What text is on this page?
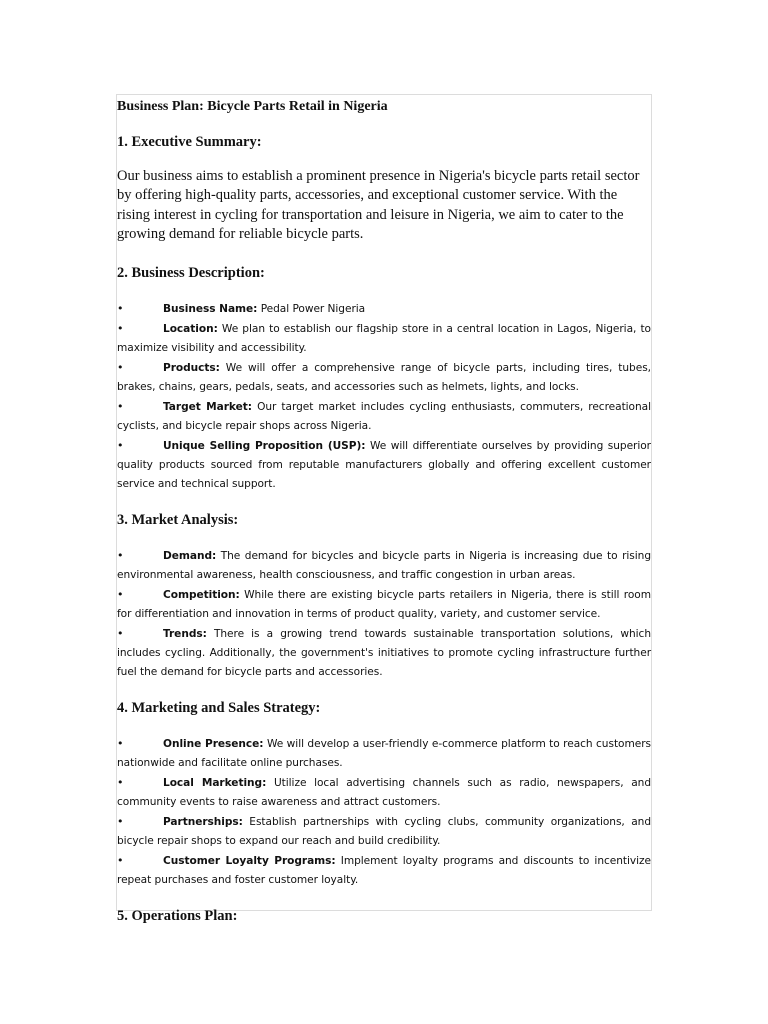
Business Plan: Bicycle Parts Retail in Nigeria

1. Executive Summary:

Our business aims to establish a prominent presence in Nigeria's bicycle parts retail sector by offering high-quality parts, accessories, and exceptional customer service. With the rising interest in cycling for transportation and leisure in Nigeria, we aim to cater to the growing demand for reliable bicycle parts.

2. Business Description:
•Business Name: Pedal Power Nigeria
•Location: We plan to establish our flagship store in a central location in Lagos, Nigeria, to maximize visibility and accessibility.
•Products: We will offer a comprehensive range of bicycle parts, including tires, tubes, brakes, chains, gears, pedals, seats, and accessories such as helmets, lights, and locks.
•Target Market: Our target market includes cycling enthusiasts, commuters, recreational cyclists, and bicycle repair shops across Nigeria.
•Unique Selling Proposition (USP): We will differentiate ourselves by providing superior quality products sourced from reputable manufacturers globally and offering excellent customer service and technical support.
3. Market Analysis:
•Demand: The demand for bicycles and bicycle parts in Nigeria is increasing due to rising environmental awareness, health consciousness, and traffic congestion in urban areas.
•Competition: While there are existing bicycle parts retailers in Nigeria, there is still room for differentiation and innovation in terms of product quality, variety, and customer service.
•Trends: There is a growing trend towards sustainable transportation solutions, which includes cycling. Additionally, the government's initiatives to promote cycling infrastructure further fuel the demand for bicycle parts and accessories.
4. Marketing and Sales Strategy:
•Online Presence: We will develop a user-friendly e-commerce platform to reach customers nationwide and facilitate online purchases.
•Local Marketing: Utilize local advertising channels such as radio, newspapers, and community events to raise awareness and attract customers.
•Partnerships: Establish partnerships with cycling clubs, community organizations, and bicycle repair shops to expand our reach and build credibility.
•Customer Loyalty Programs: Implement loyalty programs and discounts to incentivize repeat purchases and foster customer loyalty.
5. Operations Plan:
